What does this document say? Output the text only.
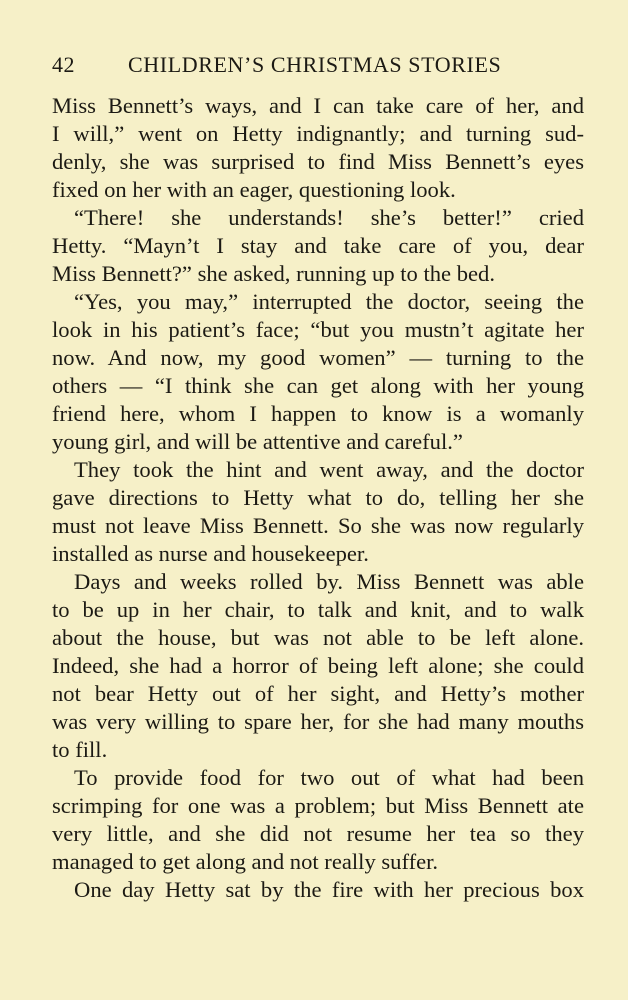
42 CHILDREN’S CHRISTMAS STORIES
Miss Bennett’s ways, and I can take care of her, and
I will,” went on Hetty indignantly; and turning sud-
denly, she was surprised to find Miss Bennett’s eyes
fixed on her with an eager, questioning look.
“There! she understands! she’s better!” cried
Hetty. “Mayn’t I stay and take care of you, dear
Miss Bennett?” she asked, running up to the bed.
“Yes, you may,” interrupted the doctor, seeing the
look in his patient’s face; “but you mustn’t agitate her
now. And now, my good women” — turning to the
others — “I think she can get along with her young
friend here, whom I happen to know is a womanly
young girl, and will be attentive and careful.”
They took the hint and went away, and the doctor
gave directions to Hetty what to do, telling her she
must not leave Miss Bennett. So she was now regularly
installed as nurse and housekeeper.
Days and weeks rolled by. Miss Bennett was able
to be up in her chair, to talk and knit, and to walk
about the house, but was not able to be left alone.
Indeed, she had a horror of being left alone; she could
not bear Hetty out of her sight, and Hetty’s mother
was very willing to spare her, for she had many mouths
to fill.
To provide food for two out of what had been
scrimping for one was a problem; but Miss Bennett ate
very little, and she did not resume her tea so they
managed to get along and not really suffer.
One day Hetty sat by the fire with her precious box
